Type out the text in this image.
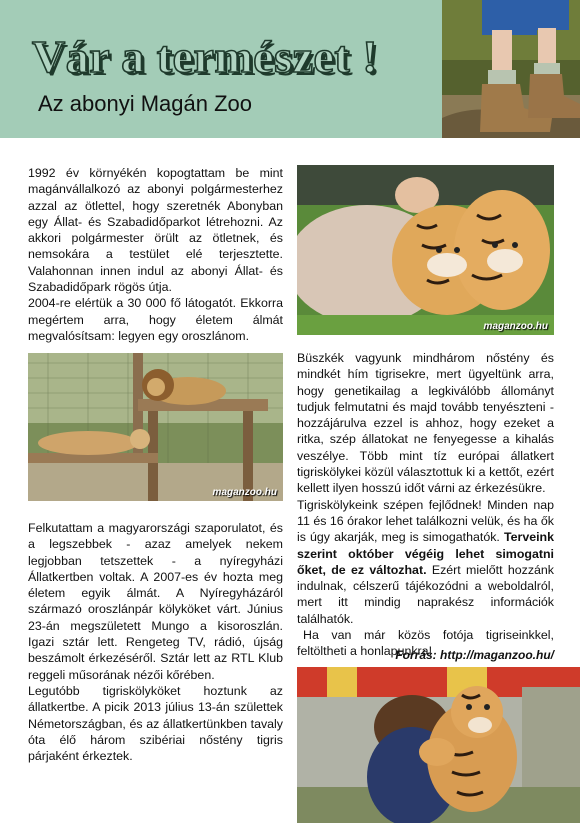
Vár a természet !
Az abonyi Magán Zoo

1992 év környékén kopogtattam be mint magánvállalkozó az abonyi polgármesterhez azzal az ötlettel, hogy szeretnék Abonyban egy Állat- és Szabadidőparkot létrehozni. Az akkori polgármester örült az ötletnek, és nemsokára a testület elé terjesztette. Valahonnan innen indul az abonyi Állat- és Szabadidőpark rögös útja.

2004-re elértük a 30 000 fő látogatót. Ekkorra megértem arra, hogy életem álmát megvalósítsam: legyen egy oroszlánom.

maganzoo.hu

Felkutattam a magyarországi szaporulatot, és a legszebbek - azaz amelyek nekem legjobban tetszettek - a nyíregyházi Állatkertben voltak. A 2007-es év hozta meg életem egyik álmát. A Nyíregyházáról származó oroszlánpár kölyköket várt. Június 23-án megszületett Mungo a kisoroszlán. Igazi sztár lett. Rengeteg TV, rádió, újság beszámolt érkezéséről. Sztár lett az RTL Klub reggeli műsorának nézői kőrében.

Legutóbb tigriskölyköket hoztunk az állatkertbe. A picik 2013 július 13-án születtek Németországban, és az állatkertünkben tavaly óta élő három szibériai nőstény tigris párjaként érkeztek.

maganzoo.hu

Büszkék vagyunk mindhárom nőstény és mindkét hím tigrisekre, mert ügyeltünk arra, hogy genetikailag a legkiválóbb állományt tudjuk felmutatni és majd tovább tenyészteni - hozzájárulva ezzel is ahhoz, hogy ezeket a ritka, szép állatokat ne fenyegesse a kihalás veszélye. Több mint tíz európai állatkert tigriskölykei közül választottuk ki a kettőt, ezért kellett ilyen hosszú időt várni az érkezésükre.

Tigriskölykeink szépen fejlődnek! Minden nap 11 és 16 órakor lehet találkozni velük, és ha ők is úgy akarják, meg is simogathatók. Terveink szerint október végéig lehet simogatni őket, de ez változhat. Ezért mielőtt hozzánk indulnak, célszerű tájékozódni a weboldalról, mert itt mindig naprakész információk találhatók.

Ha van már közös fotója tigriseinkkel, feltöltheti a honlapunkra!

Forrás: http://maganzoo.hu/
